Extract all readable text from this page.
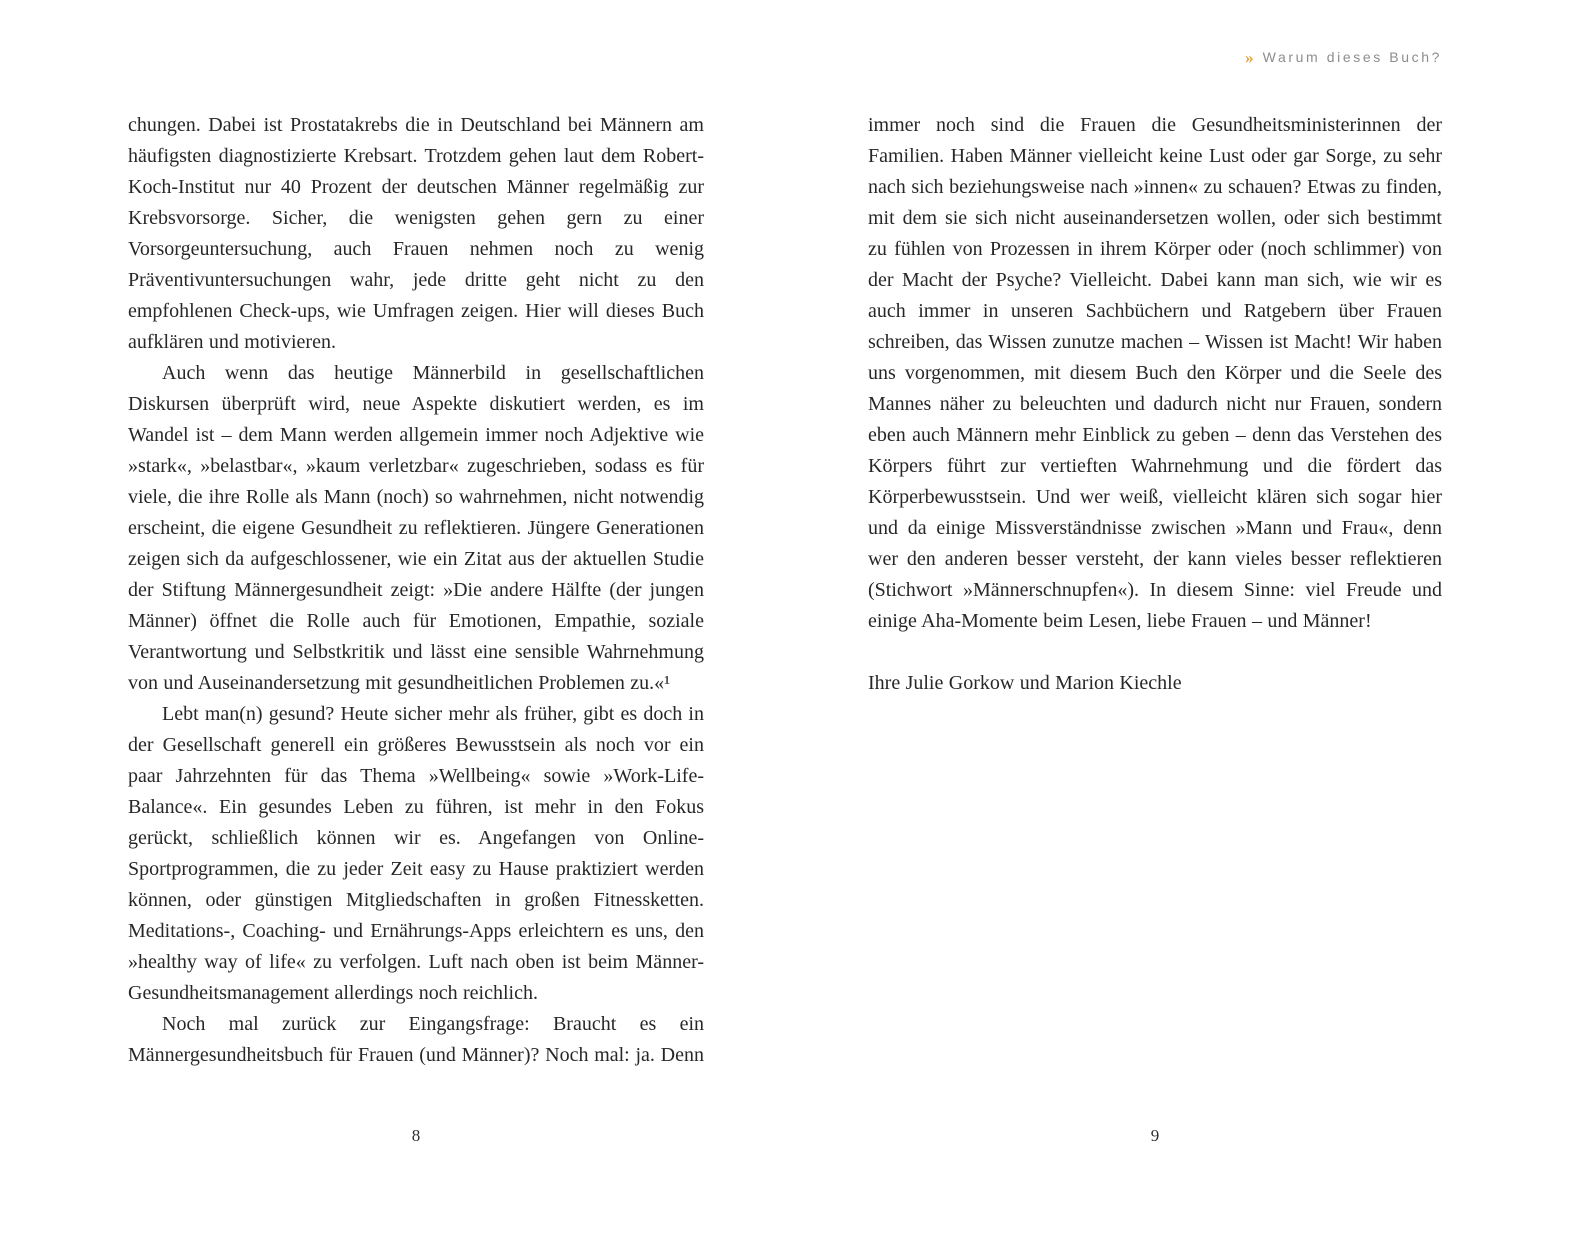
» Warum dieses Buch?

chungen. Dabei ist Prostatakrebs die in Deutschland bei Männern am häufigsten diagnostizierte Krebsart. Trotzdem gehen laut dem Robert-Koch-Institut nur 40 Prozent der deutschen Männer regelmäßig zur Krebsvorsorge. Sicher, die wenigsten gehen gern zu einer Vorsorgeuntersuchung, auch Frauen nehmen noch zu wenig Präventivuntersuchungen wahr, jede dritte geht nicht zu den empfohlenen Check-ups, wie Umfragen zeigen. Hier will dieses Buch aufklären und motivieren.

Auch wenn das heutige Männerbild in gesellschaftlichen Diskursen überprüft wird, neue Aspekte diskutiert werden, es im Wandel ist – dem Mann werden allgemein immer noch Adjektive wie »stark«, »belastbar«, »kaum verletzbar« zugeschrieben, sodass es für viele, die ihre Rolle als Mann (noch) so wahrnehmen, nicht notwendig erscheint, die eigene Gesundheit zu reflektieren. Jüngere Generationen zeigen sich da aufgeschlossener, wie ein Zitat aus der aktuellen Studie der Stiftung Männergesundheit zeigt: »Die andere Hälfte (der jungen Männer) öffnet die Rolle auch für Emotionen, Empathie, soziale Verantwortung und Selbstkritik und lässt eine sensible Wahrnehmung von und Auseinandersetzung mit gesundheitlichen Problemen zu.«¹

Lebt man(n) gesund? Heute sicher mehr als früher, gibt es doch in der Gesellschaft generell ein größeres Bewusstsein als noch vor ein paar Jahrzehnten für das Thema »Wellbeing« sowie »Work-Life-Balance«. Ein gesundes Leben zu führen, ist mehr in den Fokus gerückt, schließlich können wir es. Angefangen von Online-Sportprogrammen, die zu jeder Zeit easy zu Hause praktiziert werden können, oder günstigen Mitgliedschaften in großen Fitnessketten. Meditations-, Coaching- und Ernährungs-Apps erleichtern es uns, den »healthy way of life« zu verfolgen. Luft nach oben ist beim Männer-Gesundheitsmanagement allerdings noch reichlich.

Noch mal zurück zur Eingangsfrage: Braucht es ein Männergesundheitsbuch für Frauen (und Männer)? Noch mal: ja. Denn

immer noch sind die Frauen die Gesundheitsministerinnen der Familien. Haben Männer vielleicht keine Lust oder gar Sorge, zu sehr nach sich beziehungsweise nach »innen« zu schauen? Etwas zu finden, mit dem sie sich nicht auseinandersetzen wollen, oder sich bestimmt zu fühlen von Prozessen in ihrem Körper oder (noch schlimmer) von der Macht der Psyche? Vielleicht. Dabei kann man sich, wie wir es auch immer in unseren Sachbüchern und Ratgebern über Frauen schreiben, das Wissen zunutze machen – Wissen ist Macht! Wir haben uns vorgenommen, mit diesem Buch den Körper und die Seele des Mannes näher zu beleuchten und dadurch nicht nur Frauen, sondern eben auch Männern mehr Einblick zu geben – denn das Verstehen des Körpers führt zur vertieften Wahrnehmung und die fördert das Körperbewusstsein. Und wer weiß, vielleicht klären sich sogar hier und da einige Missverständnisse zwischen »Mann und Frau«, denn wer den anderen besser versteht, der kann vieles besser reflektieren (Stichwort »Männerschnupfen«). In diesem Sinne: viel Freude und einige Aha-Momente beim Lesen, liebe Frauen – und Männer!

Ihre Julie Gorkow und Marion Kiechle

8	9
